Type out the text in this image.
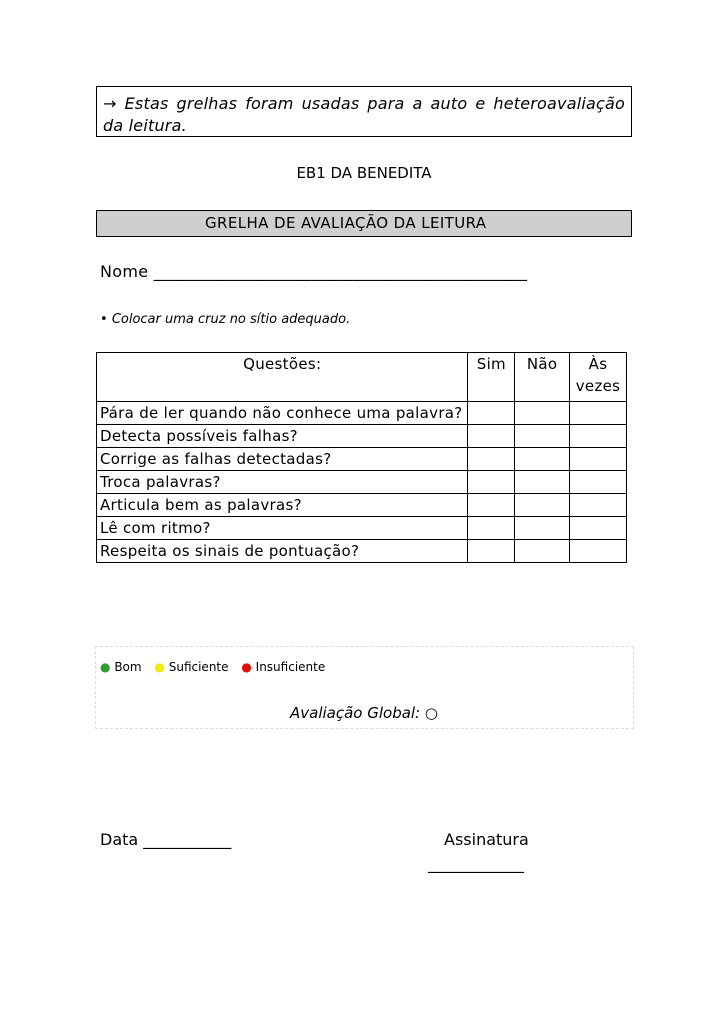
→ Estas grelhas foram usadas para a auto e heteroavaliação da leitura.
EB1 DA BENEDITA
GRELHA DE AVALIAÇÃO DA LEITURA
Nome _____________________________________________
• Colocar uma cruz no sítio adequado.
Questões:	Sim	Não	Às
vezes
Pára de ler quando não conhece uma palavra?			
Detecta possíveis falhas?			
Corrige as falhas detectadas?			
Troca palavras?			
Articula bem as palavras?			
Lê com ritmo?			
Respeita os sinais de pontuação?			
● Bom ● Suficiente ● Insuficiente
Avaliação Global: ○
Data ___________	Assinatura
____________
